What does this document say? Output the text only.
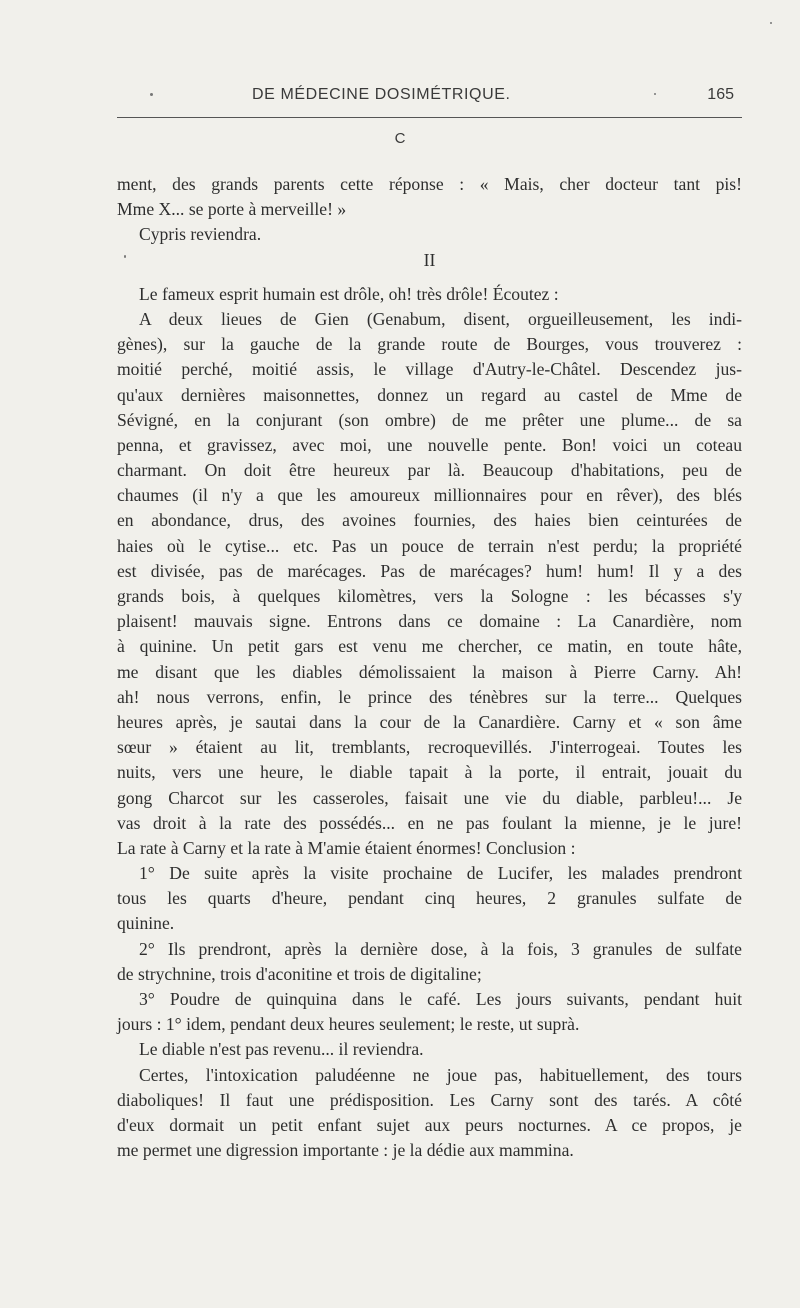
DE MÉDECINE DOSIMÉTRIQUE.	165
C
ment, des grands parents cette réponse : « Mais, cher docteur tant pis!
Mme X... se porte à merveille! »
Cypris reviendra.
II
Le fameux esprit humain est drôle, oh! très drôle! Écoutez :
A deux lieues de Gien (Genabum, disent, orgueilleusement, les indi-
gènes), sur la gauche de la grande route de Bourges, vous trouverez :
moitié perché, moitié assis, le village d'Autry-le-Châtel. Descendez jus-
qu'aux dernières maisonnettes, donnez un regard au castel de Mme de
Sévigné, en la conjurant (son ombre) de me prêter une plume... de sa
penna, et gravissez, avec moi, une nouvelle pente. Bon! voici un coteau
charmant. On doit être heureux par là. Beaucoup d'habitations, peu de
chaumes (il n'y a que les amoureux millionnaires pour en rêver), des blés
en abondance, drus, des avoines fournies, des haies bien ceinturées de
haies où le cytise... etc. Pas un pouce de terrain n'est perdu; la propriété
est divisée, pas de marécages. Pas de marécages? hum! hum! Il y a des
grands bois, à quelques kilomètres, vers la Sologne : les bécasses s'y
plaisent! mauvais signe. Entrons dans ce domaine : La Canardière, nom
à quinine. Un petit gars est venu me chercher, ce matin, en toute hâte,
me disant que les diables démolissaient la maison à Pierre Carny. Ah!
ah! nous verrons, enfin, le prince des ténèbres sur la terre... Quelques
heures après, je sautai dans la cour de la Canardière. Carny et « son âme
sœur » étaient au lit, tremblants, recroquevillés. J'interrogeai. Toutes les
nuits, vers une heure, le diable tapait à la porte, il entrait, jouait du
gong Charcot sur les casseroles, faisait une vie du diable, parbleu!... Je
vas droit à la rate des possédés... en ne pas foulant la mienne, je le jure!
La rate à Carny et la rate à M'amie étaient énormes! Conclusion :
1° De suite après la visite prochaine de Lucifer, les malades prendront
tous les quarts d'heure, pendant cinq heures, 2 granules sulfate de
quinine.
2° Ils prendront, après la dernière dose, à la fois, 3 granules de sulfate
de strychnine, trois d'aconitine et trois de digitaline;
3° Poudre de quinquina dans le café. Les jours suivants, pendant huit
jours : 1° idem, pendant deux heures seulement; le reste, ut suprà.
Le diable n'est pas revenu... il reviendra.
Certes, l'intoxication paludéenne ne joue pas, habituellement, des tours
diaboliques! Il faut une prédisposition. Les Carny sont des tarés. A côté
d'eux dormait un petit enfant sujet aux peurs nocturnes. A ce propos, je
me permet une digression importante : je la dédie aux mammina.
